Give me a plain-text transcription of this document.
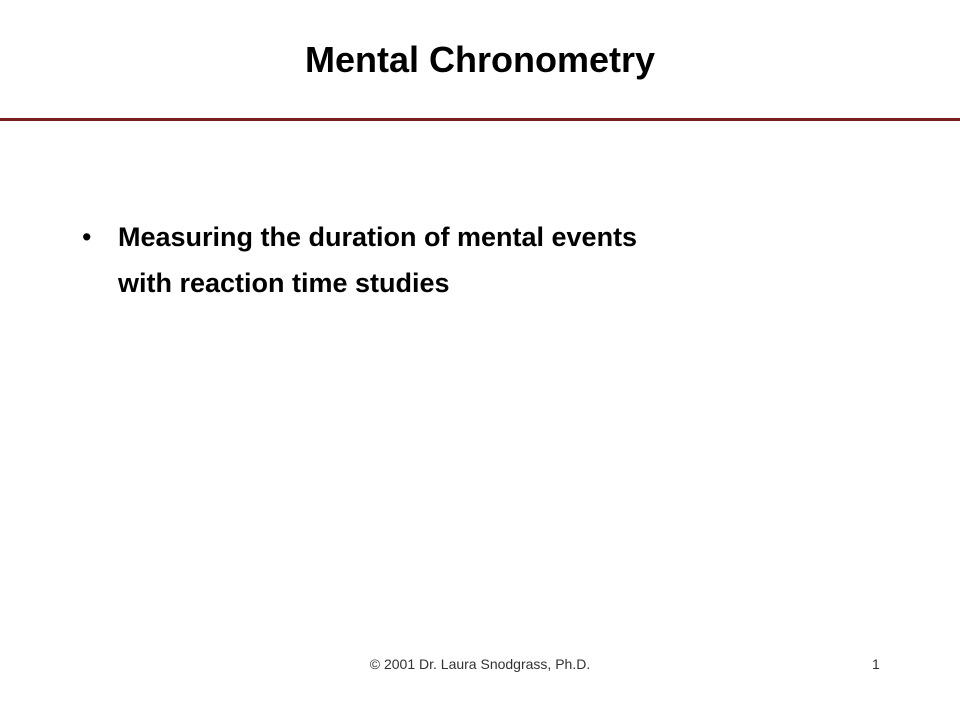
Mental Chronometry
• Measuring the duration of mental events
with reaction time studies
© 2001 Dr. Laura Snodgrass, Ph.D.	1
